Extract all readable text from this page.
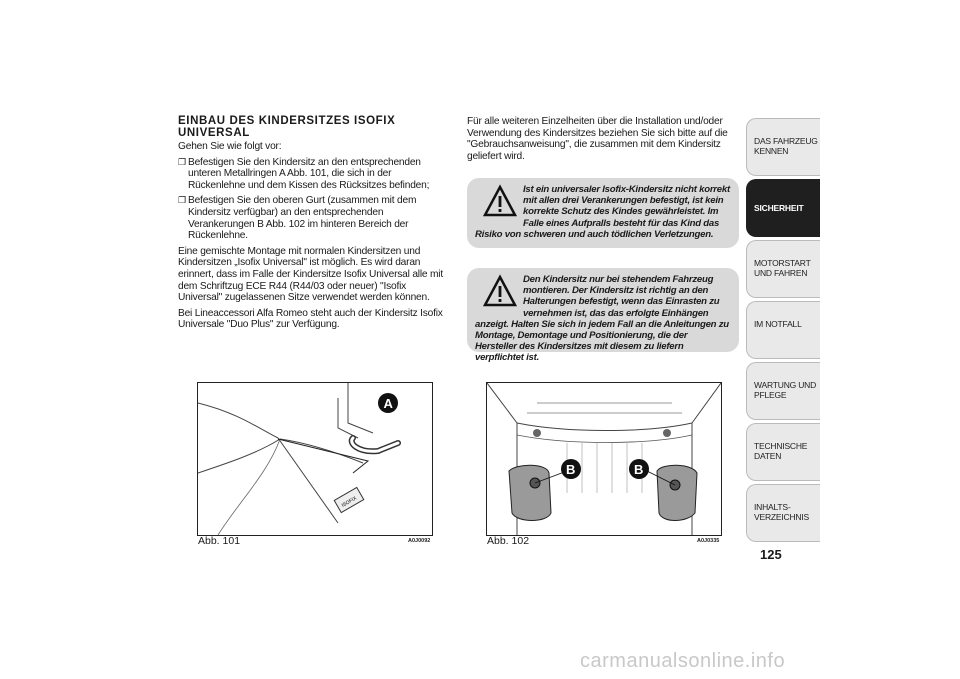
EINBAU DES KINDERSITZES ISOFIX UNIVERSAL

Gehen Sie wie folgt vor:

❐ Befestigen Sie den Kindersitz an den entsprechenden unteren Metallringen A Abb. 101, die sich in der Rückenlehne und dem Kissen des Rücksitzes befinden;
❐ Befestigen Sie den oberen Gurt (zusammen mit dem Kindersitz verfügbar) an den entsprechenden Verankerungen B Abb. 102 im hinteren Bereich der Rückenlehne.

Eine gemischte Montage mit normalen Kindersitzen und Kindersitzen „Isofix Universal" ist möglich. Es wird daran erinnert, dass im Falle der Kindersitze Isofix Universal alle mit dem Schriftzug ECE R44 (R44/03 oder neuer) "Isofix Universal" zugelassenen Sitze verwendet werden können.

Bei Lineaccessori Alfa Romeo steht auch der Kindersitz Isofix Universale "Duo Plus" zur Verfügung.

Für alle weiteren Einzelheiten über die Installation und/oder Verwendung des Kindersitzes beziehen Sie sich bitte auf die "Gebrauchsanweisung", die zusammen mit dem Kindersitz geliefert wird.

Ist ein universaler Isofix-Kindersitz nicht korrekt mit allen drei Verankerungen befestigt, ist kein korrekte Schutz des Kindes gewährleistet. Im Falle eines Aufpralls besteht für das Kind das Risiko von schweren und auch tödlichen Verletzungen.
Den Kindersitz nur bei stehendem Fahrzeug montieren. Der Kindersitz ist richtig an den Halterungen befestigt, wenn das Einrasten zu vernehmen ist, das das erfolgte Einhängen anzeigt. Halten Sie sich in jedem Fall an die Anleitungen zu Montage, Demontage und Positionierung, die der Hersteller des Kindersitzes mit diesem zu liefern verpflichtet ist.
ISOFIX
A
Abb. 101	A0J0092
B	B
Abb. 102	A0J0335
DAS FAHRZEUG KENNEN
SICHERHEIT
MOTORSTART UND FAHREN
IM NOTFALL
WARTUNG UND PFLEGE
TECHNISCHE DATEN
INHALTS- VERZEICHNIS
125
carmanualsonline.info
